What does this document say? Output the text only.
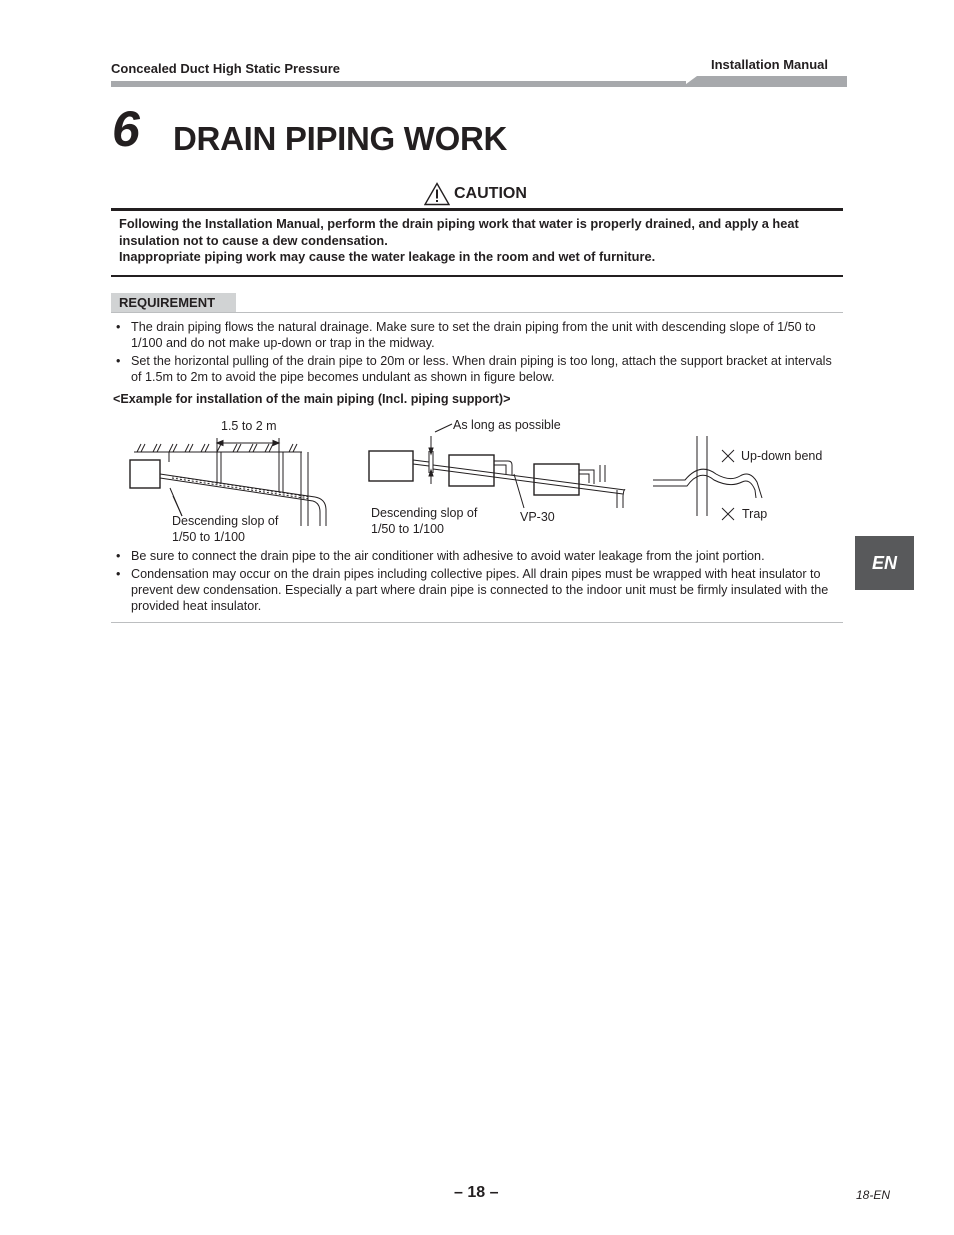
Concealed Duct High Static Pressure	Installation Manual
6 DRAIN PIPING WORK
CAUTION

Following the Installation Manual, perform the drain piping work that water is properly drained, and apply a heat insulation not to cause a dew condensation.

Inappropriate piping work may cause the water leakage in the room and wet of furniture.

REQUIREMENT
• The drain piping flows the natural drainage. Make sure to set the drain piping from the unit with descending slope of 1/50 to 1/100 and do not make up-down or trap in the midway.
• Set the horizontal pulling of the drain pipe to 20m or less. When drain piping is too long, attach the support bracket at intervals of 1.5m to 2m to avoid the pipe becomes undulant as shown in figure below.
<Example for installation of the main piping (Incl. piping support)>
1.5 to 2 m
Descending slop of
1/50 to 1/100
As long as possible
Descending slop of
1/50 to 1/100
VP-30
Up-down bend
Trap
• Be sure to connect the drain pipe to the air conditioner with adhesive to avoid water leakage from the joint portion.
• Condensation may occur on the drain pipes including collective pipes. All drain pipes must be wrapped with heat insulator to prevent dew condensation. Especially a part where drain pipe is connected to the indoor unit must be firmly insulated with the provided heat insulator.
EN
– 18 –	18-EN
